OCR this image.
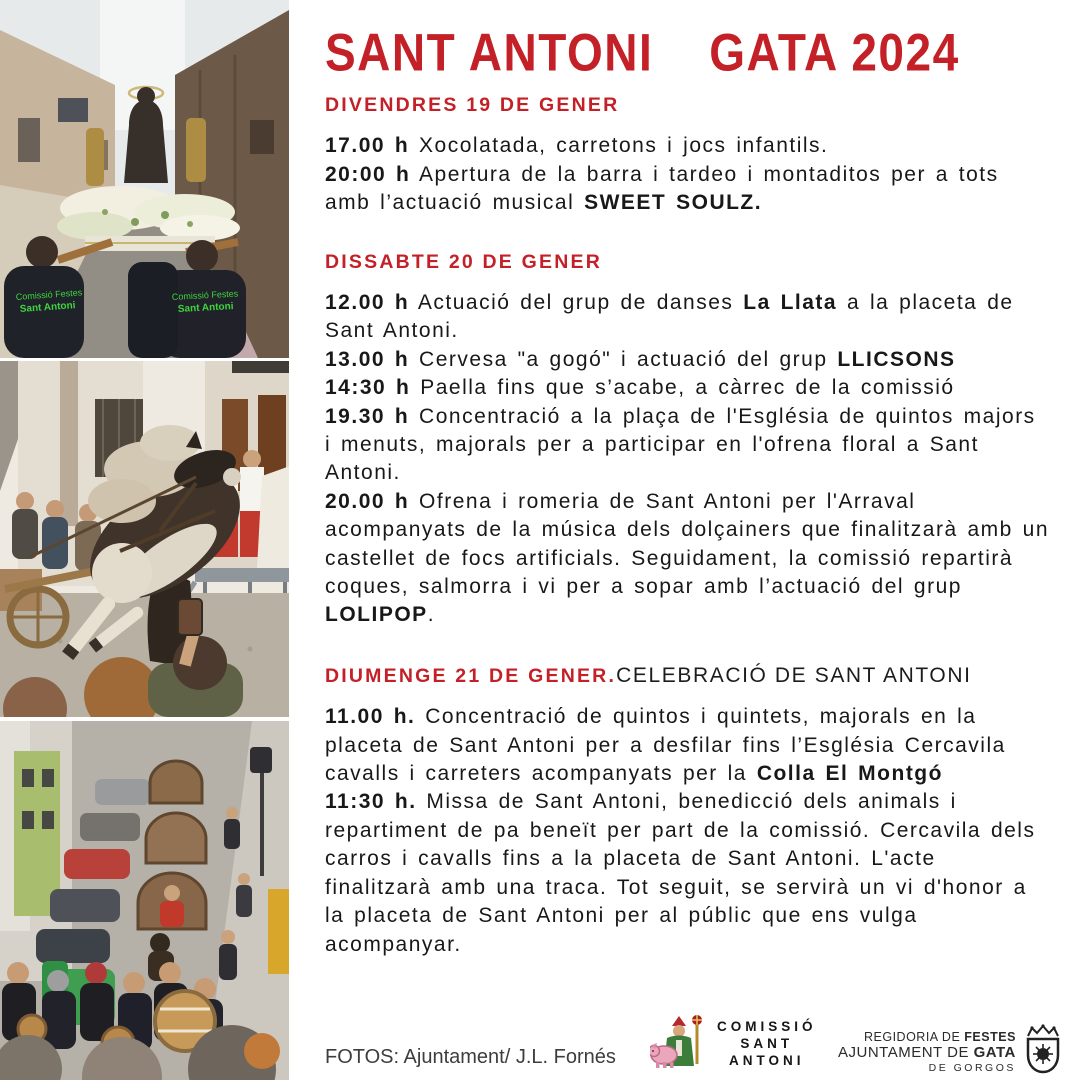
Comissió Festes
Sant Antoni
Comissió Festes
Sant Antoni
SANT ANTONI GATA 2024
DIVENDRES 19 DE GENER

17.00 h Xocolatada, carretons i jocs infantils.

20:00 h Apertura de la barra i tardeo i montaditos per a tots amb l’actuació musical SWEET SOULZ.

DISSABTE 20 DE GENER

12.00 h Actuació del grup de danses La Llata a la placeta de Sant Antoni.

13.00 h Cervesa "a gogó" i actuació del grup LLICSONS

14:30 h Paella fins que s’acabe, a càrrec de la comissió

19.30 h Concentració a la plaça de l'Església de quintos majors i menuts, majorals per a participar en l'ofrena floral a Sant Antoni.

20.00 h Ofrena i romeria de Sant Antoni per l'Arraval acompanyats de la música dels dolçainers que finalitzarà amb un castellet de focs artificials. Seguidament, la comissió repartirà coques, salmorra i vi per a sopar amb l’actuació del grup LOLIPOP.

DIUMENGE 21 DE GENER.CELEBRACIÓ DE SANT ANTONI

11.00 h. Concentració de quintos i quintets, majorals en la placeta de Sant Antoni per a desfilar fins l’Església Cercavila cavalls i carreters acompanyats per la Colla El Montgó

11:30 h. Missa de Sant Antoni, benedicció dels animals i repartiment de pa beneït per part de la comissió. Cercavila dels carros i cavalls fins a la placeta de Sant Antoni. L'acte finalitzarà amb una traca. Tot seguit, se servirà un vi d'honor a la placeta de Sant Antoni per al públic que ens vulga acompanyar.

FOTOS: Ajuntament/ J.L. Fornés
COMISSIÓ
SANT
ANTONI
REGIDORIA DE FESTES
AJUNTAMENT DE GATA
DE GORGOS
